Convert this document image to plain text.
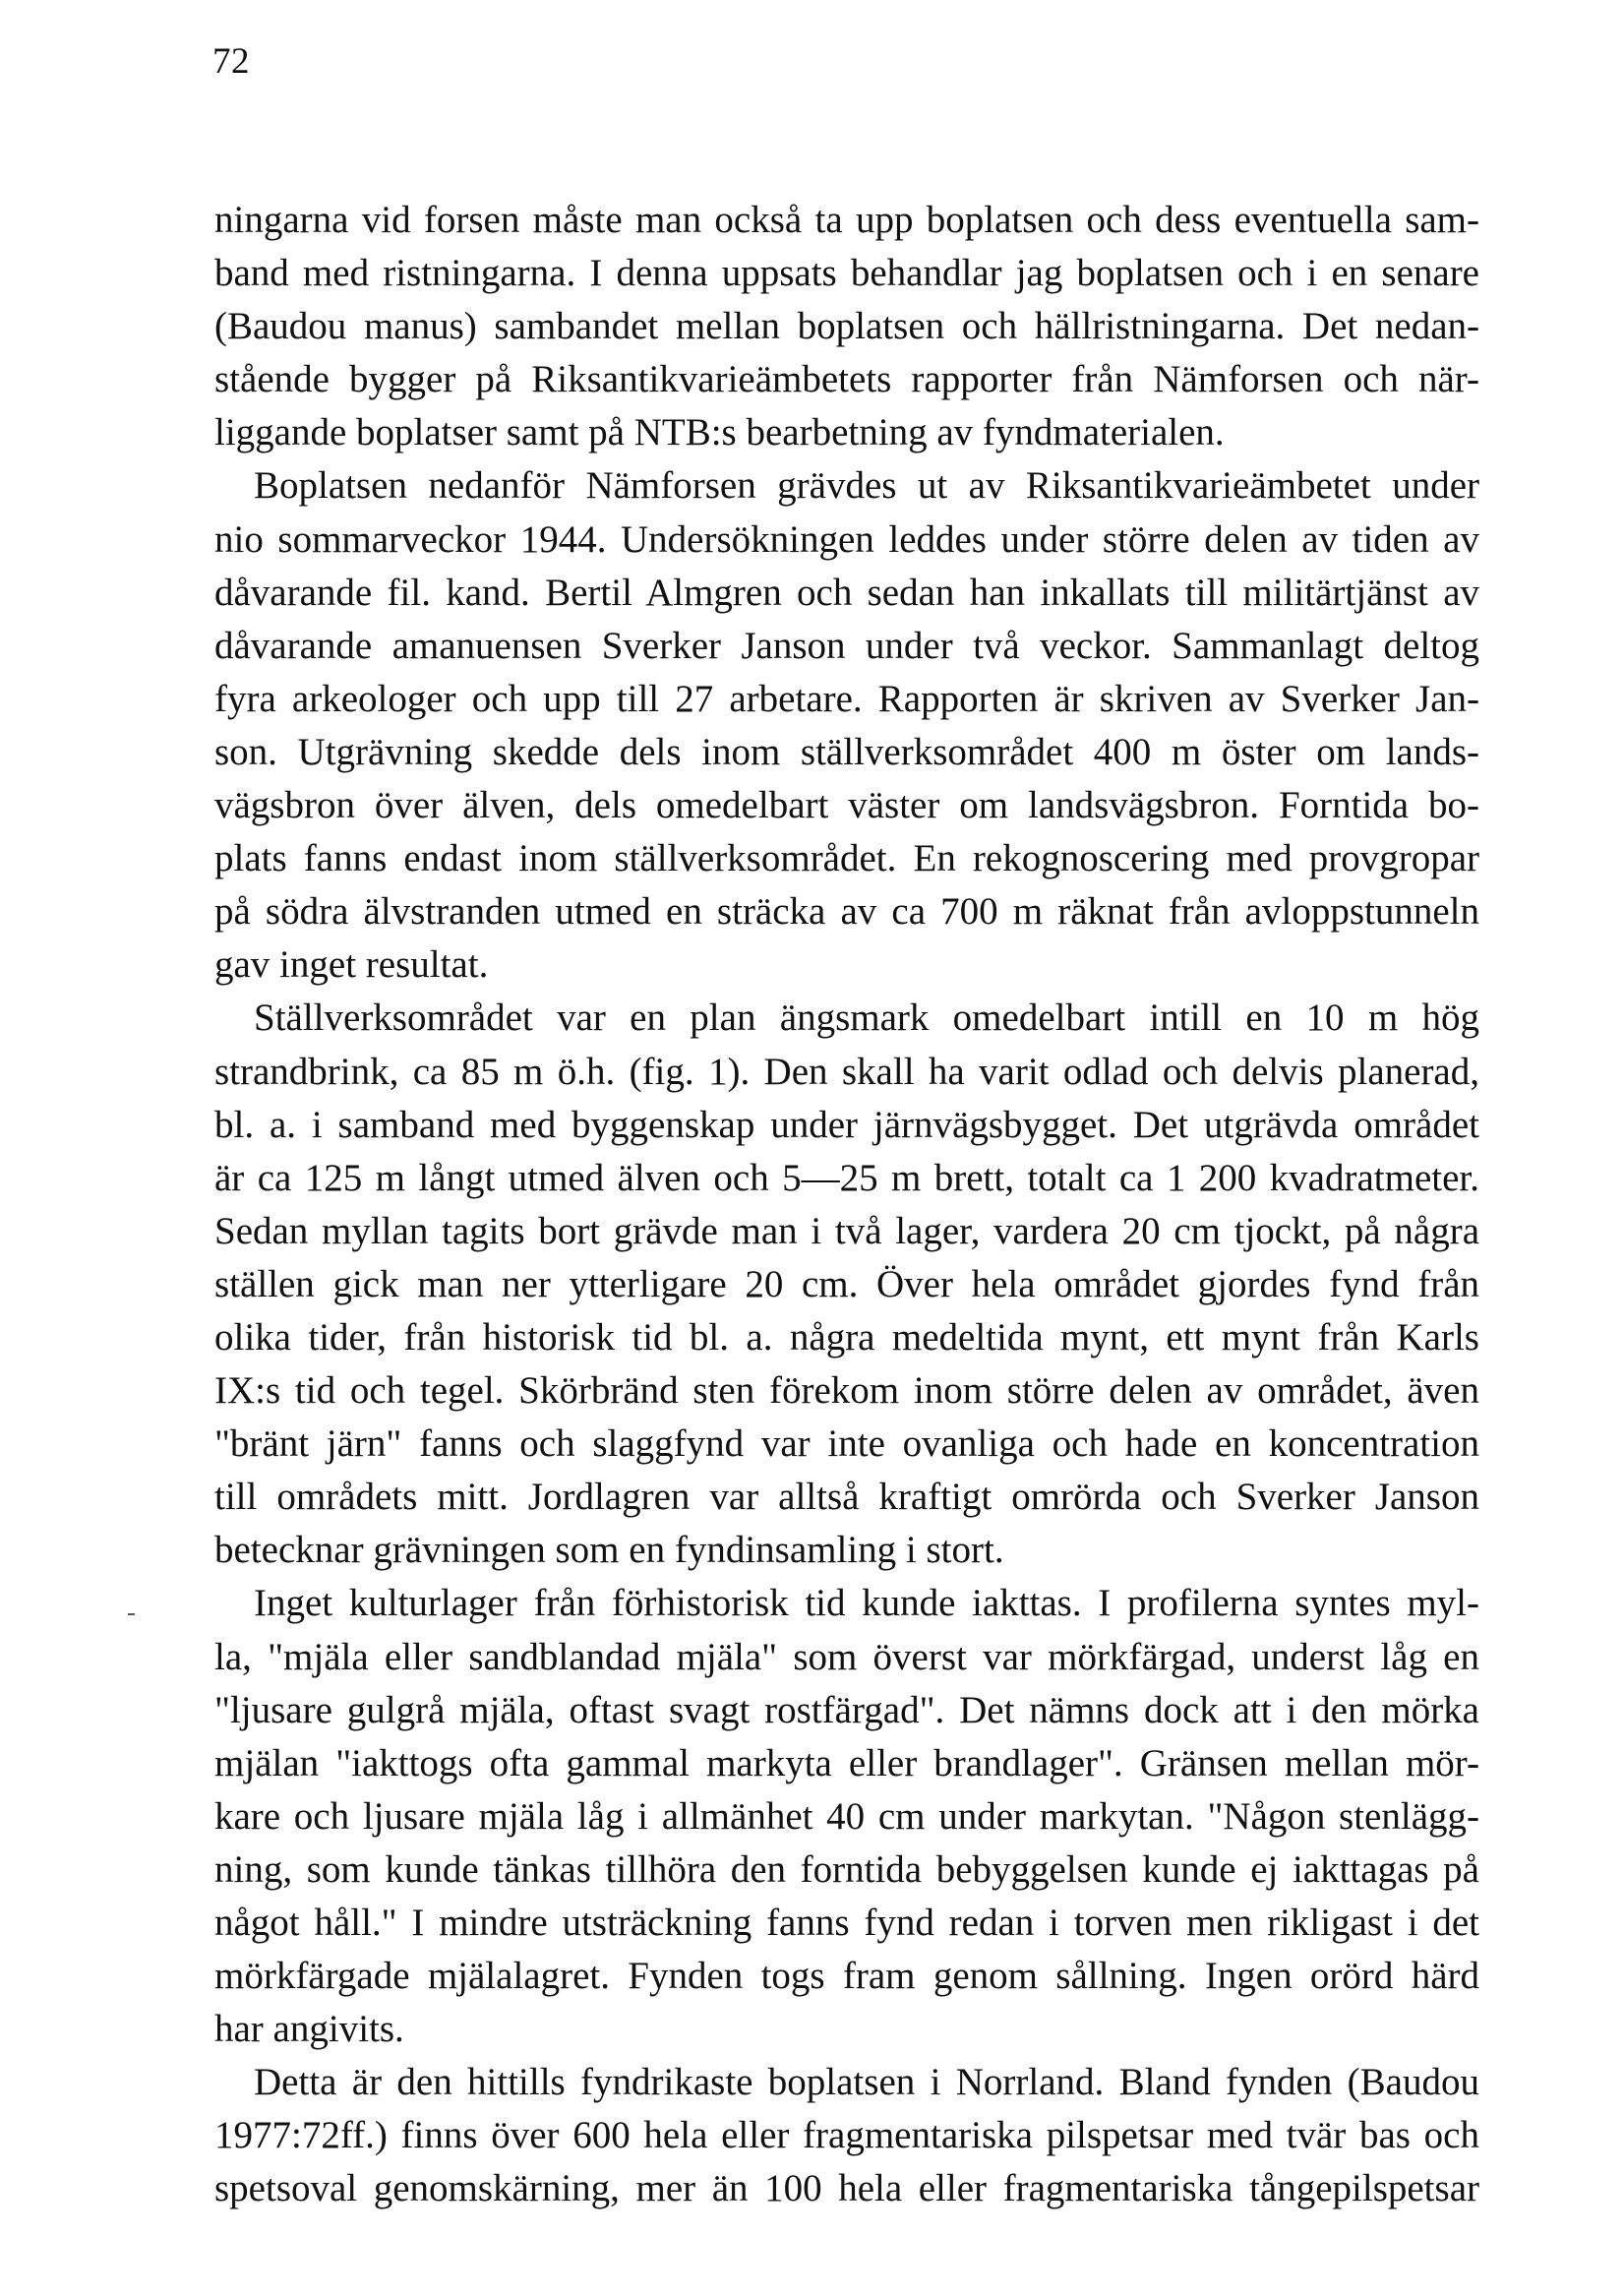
72
ningarna vid forsen måste man också ta upp boplatsen och dess eventuella sam-
band med ristningarna. I denna uppsats behandlar jag boplatsen och i en senare
(Baudou manus) sambandet mellan boplatsen och hällristningarna. Det nedan-
stående bygger på Riksantikvarieämbetets rapporter från Nämforsen och när-
liggande boplatser samt på NTB:s bearbetning av fyndmaterialen.
Boplatsen nedanför Nämforsen grävdes ut av Riksantikvarieämbetet under
nio sommarveckor 1944. Undersökningen leddes under större delen av tiden av
dåvarande fil. kand. Bertil Almgren och sedan han inkallats till militärtjänst av
dåvarande amanuensen Sverker Janson under två veckor. Sammanlagt deltog
fyra arkeologer och upp till 27 arbetare. Rapporten är skriven av Sverker Jan-
son. Utgrävning skedde dels inom ställverksområdet 400 m öster om lands-
vägsbron över älven, dels omedelbart väster om landsvägsbron. Forntida bo-
plats fanns endast inom ställverksområdet. En rekognoscering med provgropar
på södra älvstranden utmed en sträcka av ca 700 m räknat från avloppstunneln
gav inget resultat.
Ställverksområdet var en plan ängsmark omedelbart intill en 10 m hög
strandbrink, ca 85 m ö.h. (fig. 1). Den skall ha varit odlad och delvis planerad,
bl. a. i samband med byggenskap under järnvägsbygget. Det utgrävda området
är ca 125 m långt utmed älven och 5—25 m brett, totalt ca 1 200 kvadratmeter.
Sedan myllan tagits bort grävde man i två lager, vardera 20 cm tjockt, på några
ställen gick man ner ytterligare 20 cm. Över hela området gjordes fynd från
olika tider, från historisk tid bl. a. några medeltida mynt, ett mynt från Karls
IX:s tid och tegel. Skörbränd sten förekom inom större delen av området, även
"bränt järn" fanns och slaggfynd var inte ovanliga och hade en koncentration
till områdets mitt. Jordlagren var alltså kraftigt omrörda och Sverker Janson
betecknar grävningen som en fyndinsamling i stort.
Inget kulturlager från förhistorisk tid kunde iakttas. I profilerna syntes myl-
la, "mjäla eller sandblandad mjäla" som överst var mörkfärgad, underst låg en
"ljusare gulgrå mjäla, oftast svagt rostfärgad". Det nämns dock att i den mörka
mjälan "iakttogs ofta gammal markyta eller brandlager". Gränsen mellan mör-
kare och ljusare mjäla låg i allmänhet 40 cm under markytan. "Någon stenlägg-
ning, som kunde tänkas tillhöra den forntida bebyggelsen kunde ej iakttagas på
något håll." I mindre utsträckning fanns fynd redan i torven men rikligast i det
mörkfärgade mjälalagret. Fynden togs fram genom sållning. Ingen orörd härd
har angivits.
Detta är den hittills fyndrikaste boplatsen i Norrland. Bland fynden (Baudou
1977:72ff.) finns över 600 hela eller fragmentariska pilspetsar med tvär bas och
spetsoval genomskärning, mer än 100 hela eller fragmentariska tångepilspetsar
